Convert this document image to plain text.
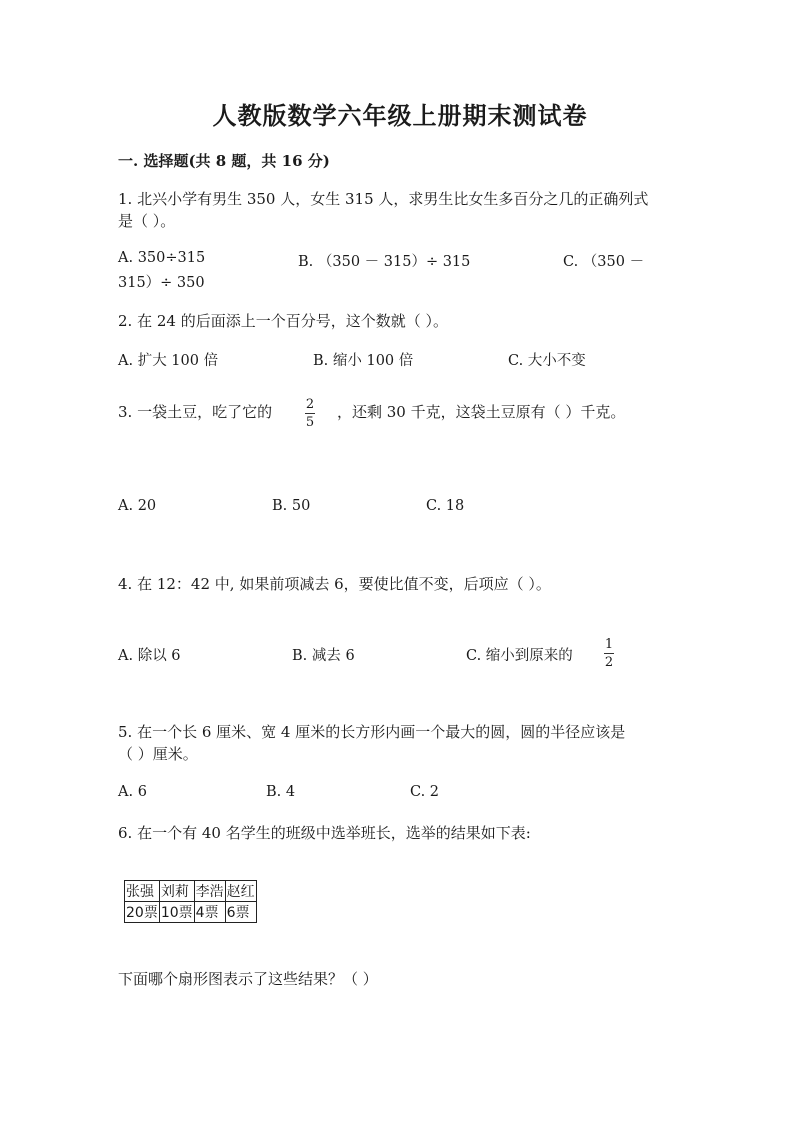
人教版数学六年级上册期末测试卷
一. 选择题(共 8 题，共 16 分)
1. 北兴小学有男生 350 人，女生 315 人，求男生比女生多百分之几的正确列式
是（ ）。
A. 350÷315	B. （350 － 315）÷ 315	C. （350 －
315）÷ 350
2. 在 24 的后面添上一个百分号，这个数就（ ）。
A. 扩大 100 倍	B. 缩小 100 倍	C. 大小不变
3. 一袋土豆，吃了它的	2
5
，还剩 30 千克，这袋土豆原有（ ）千克。
A. 20	B. 50	C. 18
4. 在 12：42 中, 如果前项减去 6，要使比值不变，后项应（ ）。
A. 除以 6	B. 减去 6	C. 缩小到原来的
1
2
5. 在一个长 6 厘米、宽 4 厘米的长方形内画一个最大的圆，圆的半径应该是
（ ）厘米。
A. 6	B. 4	C. 2
6. 在一个有 40 名学生的班级中选举班长，选举的结果如下表:
张强	刘莉	李浩	赵红
20票	10票	4票	6票
下面哪个扇形图表示了这些结果？（ ）
